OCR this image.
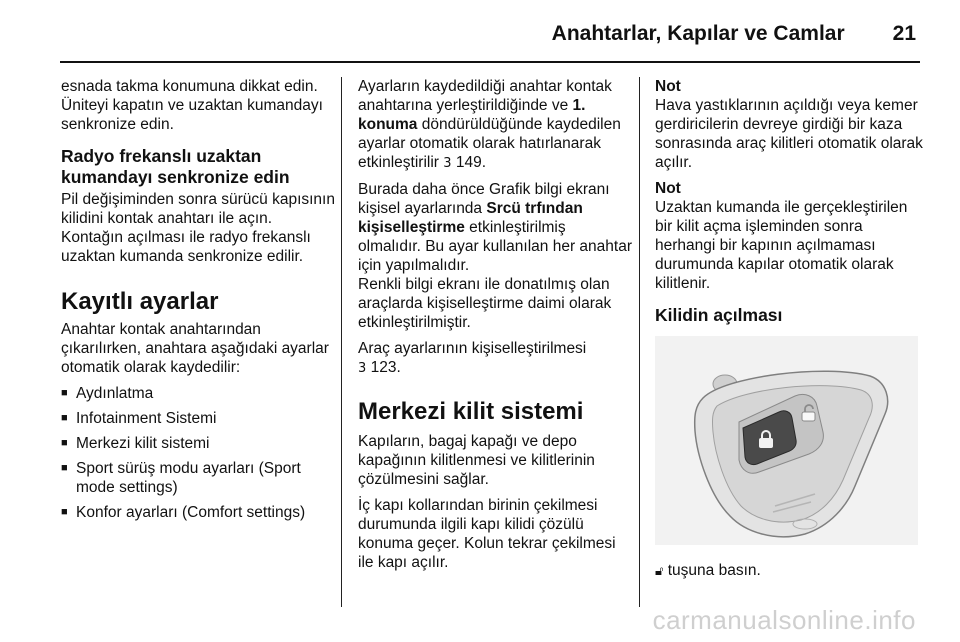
Anahtarlar, Kapılar ve Camlar 21

esnada takma konumuna dikkat edin. Üniteyi kapatın ve uzaktan kumandayı senkronize edin.

Radyo frekanslı uzaktan kumandayı senkronize edin

Pil değişiminden sonra sürücü kapısının kilidini kontak anahtarı ile açın. Kontağın açılması ile radyo frekanslı uzaktan kumanda senkronize edilir.

Kayıtlı ayarlar

Anahtar kontak anahtarından çıkarılırken, anahtara aşağıdaki ayarlar otomatik olarak kaydedilir:

■ Aydınlatma
■ Infotainment Sistemi
■ Merkezi kilit sistemi
■ Sport sürüş modu ayarları (Sport mode settings)
■ Konfor ayarları (Comfort settings)

Ayarların kaydedildiği anahtar kontak anahtarına yerleştirildiğinde ve 1. konuma döndürüldüğünde kaydedilen ayarlar otomatik olarak hatırlanarak etkinleştirilir 3 149.

Burada daha önce Grafik bilgi ekranı kişisel ayarlarında Srcü trfından kişiselleştirme etkinleştirilmiş olmalıdır. Bu ayar kullanılan her anahtar için yapılmalıdır.
Renkli bilgi ekranı ile donatılmış olan araçlarda kişiselleştirme daimi olarak etkinleştirilmiştir.

Araç ayarlarının kişiselleştirilmesi
3 123.

Merkezi kilit sistemi

Kapıların, bagaj kapağı ve depo kapağının kilitlenmesi ve kilitlerinin çözülmesini sağlar.

İç kapı kollarından birinin çekilmesi durumunda ilgili kapı kilidi çözülü konuma geçer. Kolun tekrar çekilmesi ile kapı açılır.

Not

Hava yastıklarının açıldığı veya kemer gerdiricilerin devreye girdiği bir kaza sonrasında araç kilitleri otomatik olarak açılır.

Not

Uzaktan kumanda ile gerçekleştirilen bir kilit açma işleminden sonra herhangi bir kapının açılmaması durumunda kapılar otomatik olarak kilitlenir.

Kilidin açılması

🔓︎ tuşuna basın.

carmanualsonline.info
